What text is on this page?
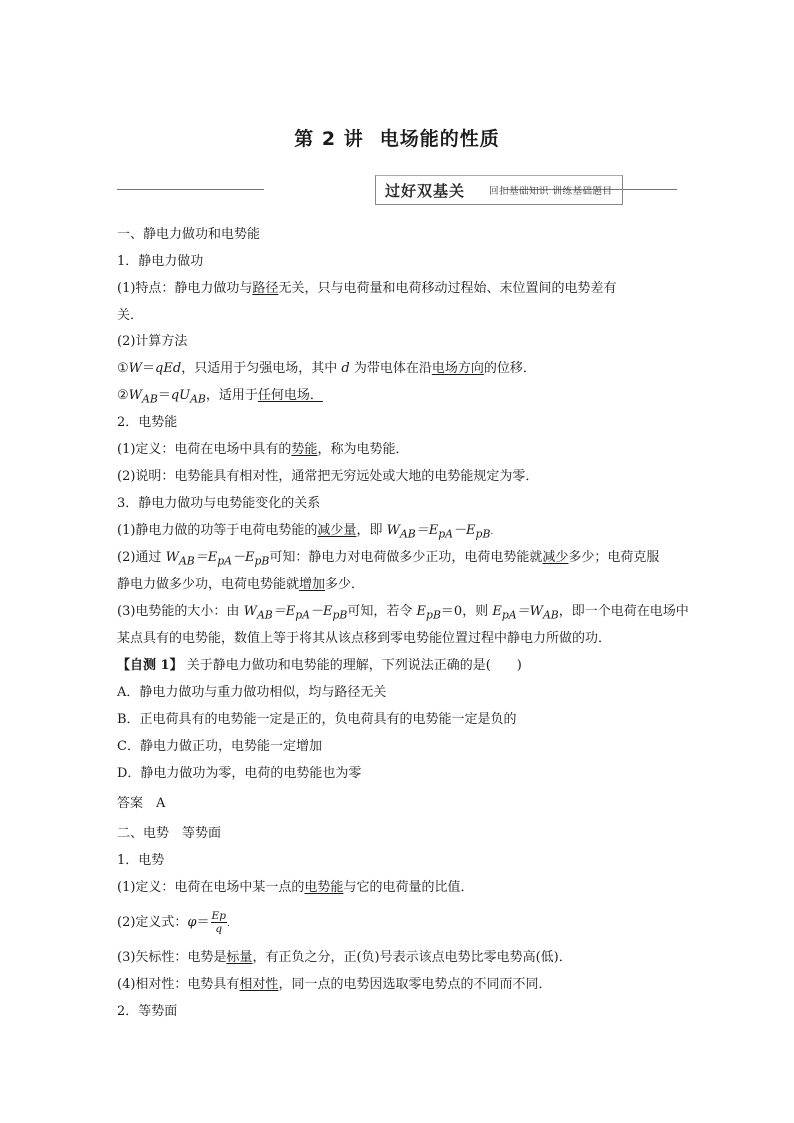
第 2 讲 电场能的性质
过好双基关	回扣基础知识 训练基础题目
一、静电力做功和电势能
1．静电力做功
(1)特点：静电力做功与路径无关，只与电荷量和电荷移动过程始、末位置间的电势差有
关．
(2)计算方法
①W＝qEd，只适用于匀强电场，其中 d 为带电体在沿电场方向的位移．
$②W_{AB}=qU_{AB}$，适用于任何电场．
2．电势能
(1)定义：电荷在电场中具有的势能，称为电势能．
(2)说明：电势能具有相对性，通常把无穷远处或大地的电势能规定为零．
3．静电力做功与电势能变化的关系
(1)静电力做的功等于电荷电势能的减少量，即 $W_{AB}=E_{pA}-E_{pB}$.
(2)通过 $W_{AB}=E_{pA}-E_{pB}$可知：静电力对电荷做多少正功，电荷电势能就减少多少；电荷克服
静电力做多少功，电荷电势能就增加多少．
(3)电势能的大小：由 $W_{AB}=E_{pA}-E_{pB}$可知，若令 $E_{pB}=0$，则 $E_{pA}=W_{AB}$，即一个电荷在电场中
某点具有的电势能，数值上等于将其从该点移到零电势能位置过程中静电力所做的功．
【自测 1】 关于静电力做功和电势能的理解，下列说法正确的是(　　)
A．静电力做功与重力做功相似，均与路径无关
B．正电荷具有的电势能一定是正的，负电荷具有的电势能一定是负的
C．静电力做正功，电势能一定增加
D．静电力做功为零，电荷的电势能也为零
答案　A
二、电势　等势面
1．电势
(1)定义：电荷在电场中某一点的电势能与它的电荷量的比值．
(2)定义式：$\varphi= \frac{Ep}{q}$ .
(3)矢标性：电势是标量，有正负之分，正(负)号表示该点电势比零电势高(低)．
(4)相对性：电势具有相对性，同一点的电势因选取零电势点的不同而不同．
2．等势面
